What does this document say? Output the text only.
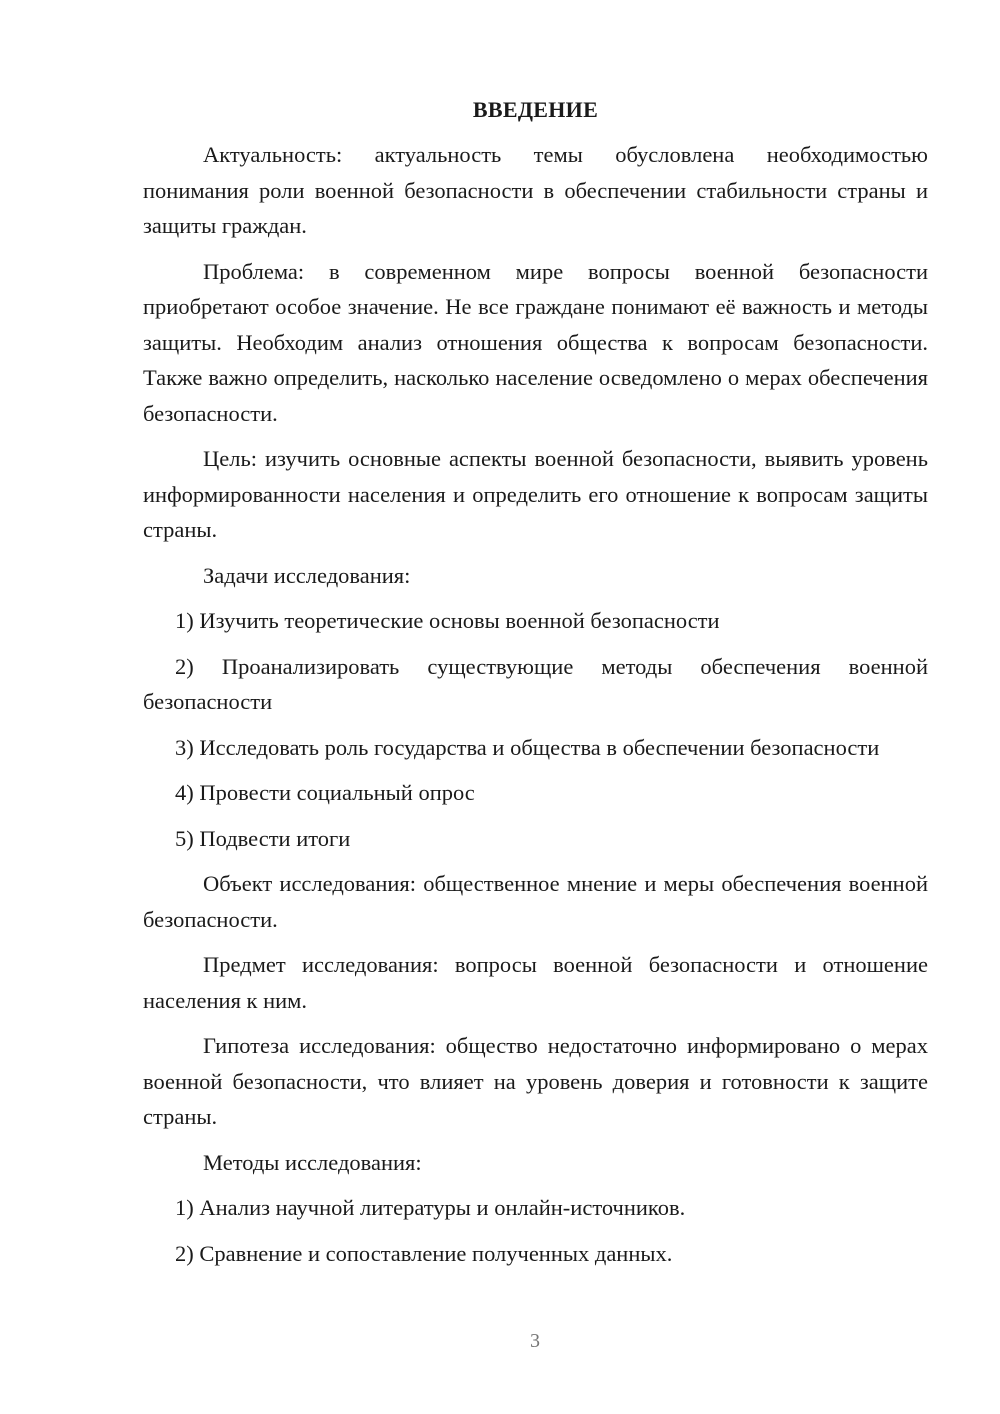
ВВЕДЕНИЕ

Актуальность: актуальность темы обусловлена необходимостью понимания роли военной безопасности в обеспечении стабильности страны и защиты граждан.

Проблема: в современном мире вопросы военной безопасности приобретают особое значение. Не все граждане понимают её важность и методы защиты. Необходим анализ отношения общества к вопросам безопасности. Также важно определить, насколько население осведомлено о мерах обеспечения безопасности.

Цель: изучить основные аспекты военной безопасности, выявить уровень информированности населения и определить его отношение к вопросам защиты страны.

Задачи исследования:

1) Изучить теоретические основы военной безопасности

2) Проанализировать существующие методы обеспечения военной безопасности

3) Исследовать роль государства и общества в обеспечении безопасности

4) Провести социальный опрос

5) Подвести итоги

Объект исследования: общественное мнение и меры обеспечения военной безопасности.

Предмет исследования: вопросы военной безопасности и отношение населения к ним.

Гипотеза исследования: общество недостаточно информировано о мерах военной безопасности, что влияет на уровень доверия и готовности к защите страны.

Методы исследования:

1) Анализ научной литературы и онлайн-источников.

2) Сравнение и сопоставление полученных данных.

3
